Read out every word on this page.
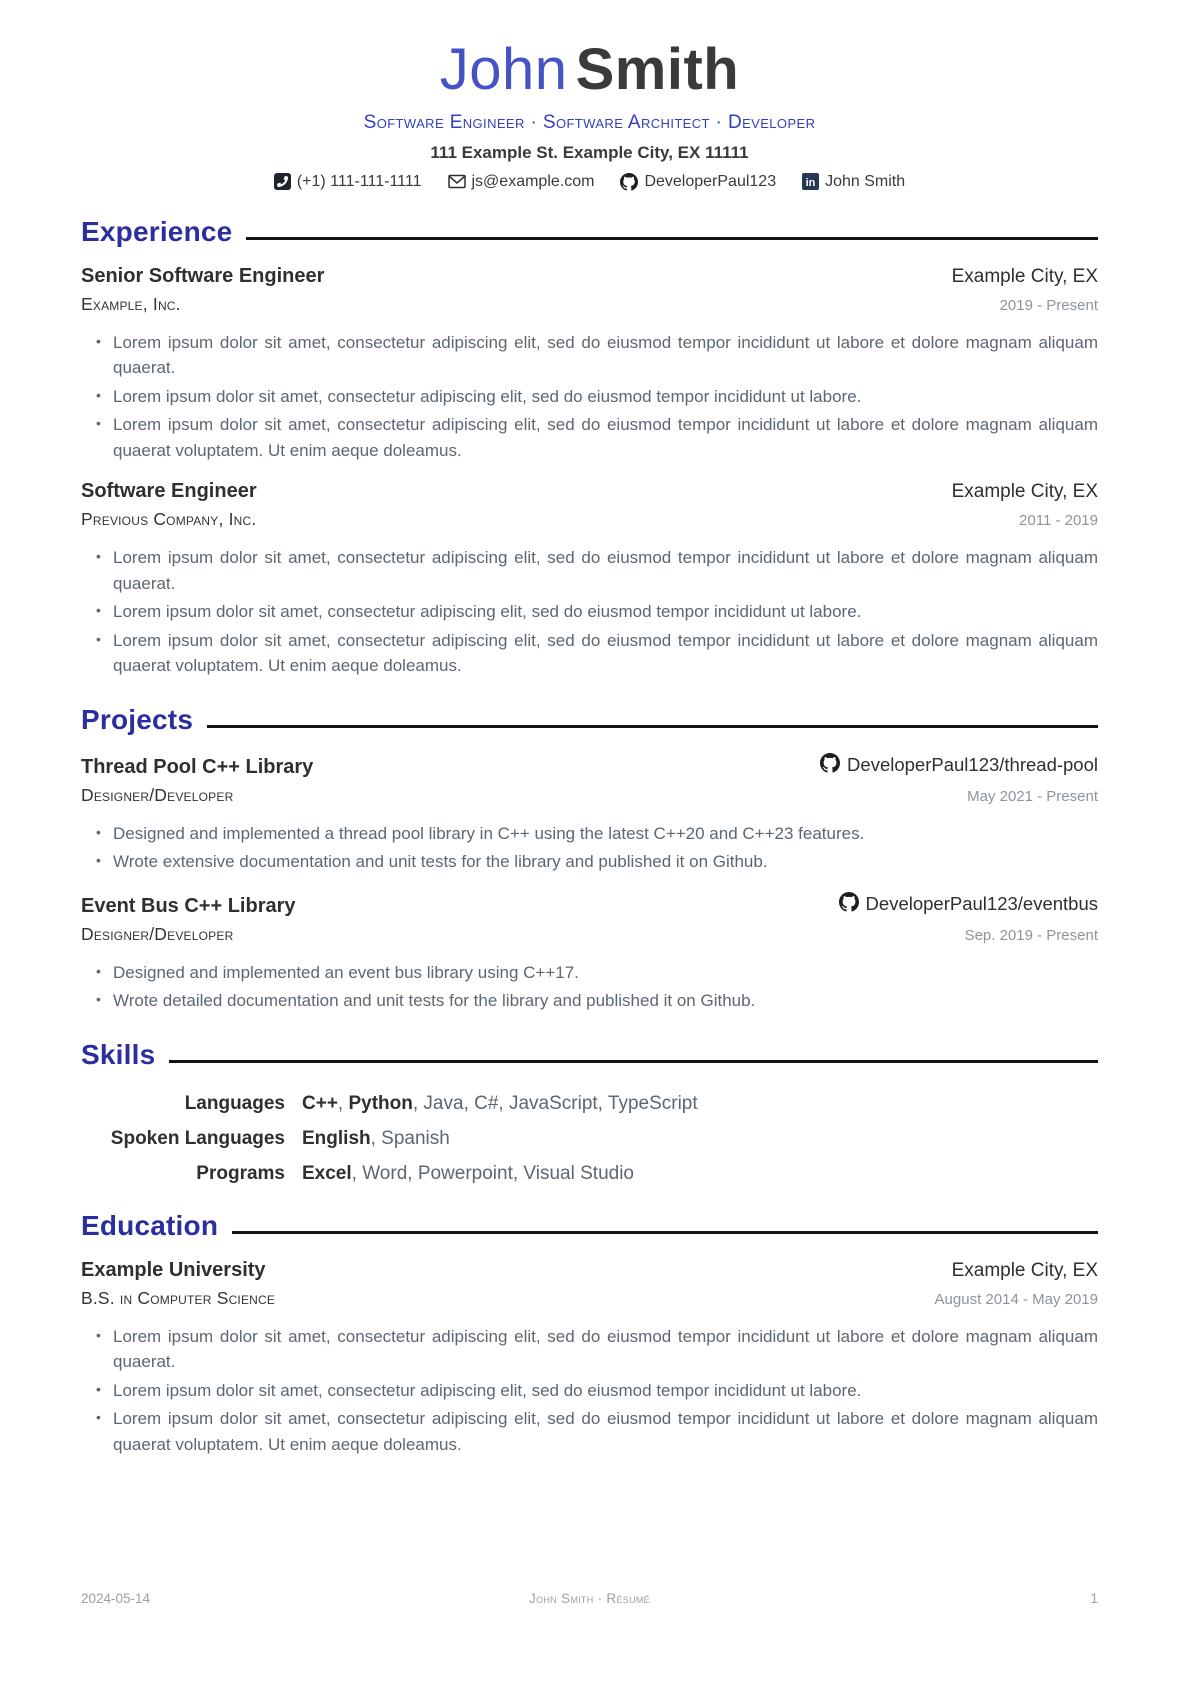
John Smith
Software Engineer · Software Architect · Developer
111 Example St. Example City, EX 11111
(+1) 111-111-1111	js@example.com	DeveloperPaul123 in John Smith
Experience
Senior Software Engineer	Example City, EX
Example, Inc.	2019 - Present
• Lorem ipsum dolor sit amet, consectetur adipiscing elit, sed do eiusmod tempor incididunt ut labore et dolore magnam aliquam quaerat.
• Lorem ipsum dolor sit amet, consectetur adipiscing elit, sed do eiusmod tempor incididunt ut labore.
• Lorem ipsum dolor sit amet, consectetur adipiscing elit, sed do eiusmod tempor incididunt ut labore et dolore magnam aliquam quaerat voluptatem. Ut enim aeque doleamus.
Software Engineer	Example City, EX
Previous Company, Inc.	2011 - 2019
• Lorem ipsum dolor sit amet, consectetur adipiscing elit, sed do eiusmod tempor incididunt ut labore et dolore magnam aliquam quaerat.
• Lorem ipsum dolor sit amet, consectetur adipiscing elit, sed do eiusmod tempor incididunt ut labore.
• Lorem ipsum dolor sit amet, consectetur adipiscing elit, sed do eiusmod tempor incididunt ut labore et dolore magnam aliquam quaerat voluptatem. Ut enim aeque doleamus.
Projects
Thread Pool C++ Library	DeveloperPaul123/thread-pool
Designer/Developer	May 2021 - Present
• Designed and implemented a thread pool library in C++ using the latest C++20 and C++23 features.
• Wrote extensive documentation and unit tests for the library and published it on Github.
Event Bus C++ Library	DeveloperPaul123/eventbus
Designer/Developer	Sep. 2019 - Present
• Designed and implemented an event bus library using C++17.
• Wrote detailed documentation and unit tests for the library and published it on Github.
Skills
Languages C++, Python, Java, C#, JavaScript, TypeScript
Spoken Languages English, Spanish
Programs Excel, Word, Powerpoint, Visual Studio
Education
Example University	Example City, EX
B.S. in Computer Science	August 2014 - May 2019
• Lorem ipsum dolor sit amet, consectetur adipiscing elit, sed do eiusmod tempor incididunt ut labore et dolore magnam aliquam quaerat.
• Lorem ipsum dolor sit amet, consectetur adipiscing elit, sed do eiusmod tempor incididunt ut labore.
• Lorem ipsum dolor sit amet, consectetur adipiscing elit, sed do eiusmod tempor incididunt ut labore et dolore magnam aliquam quaerat voluptatem. Ut enim aeque doleamus.
2024-05-14	John Smith · Résumé	1
